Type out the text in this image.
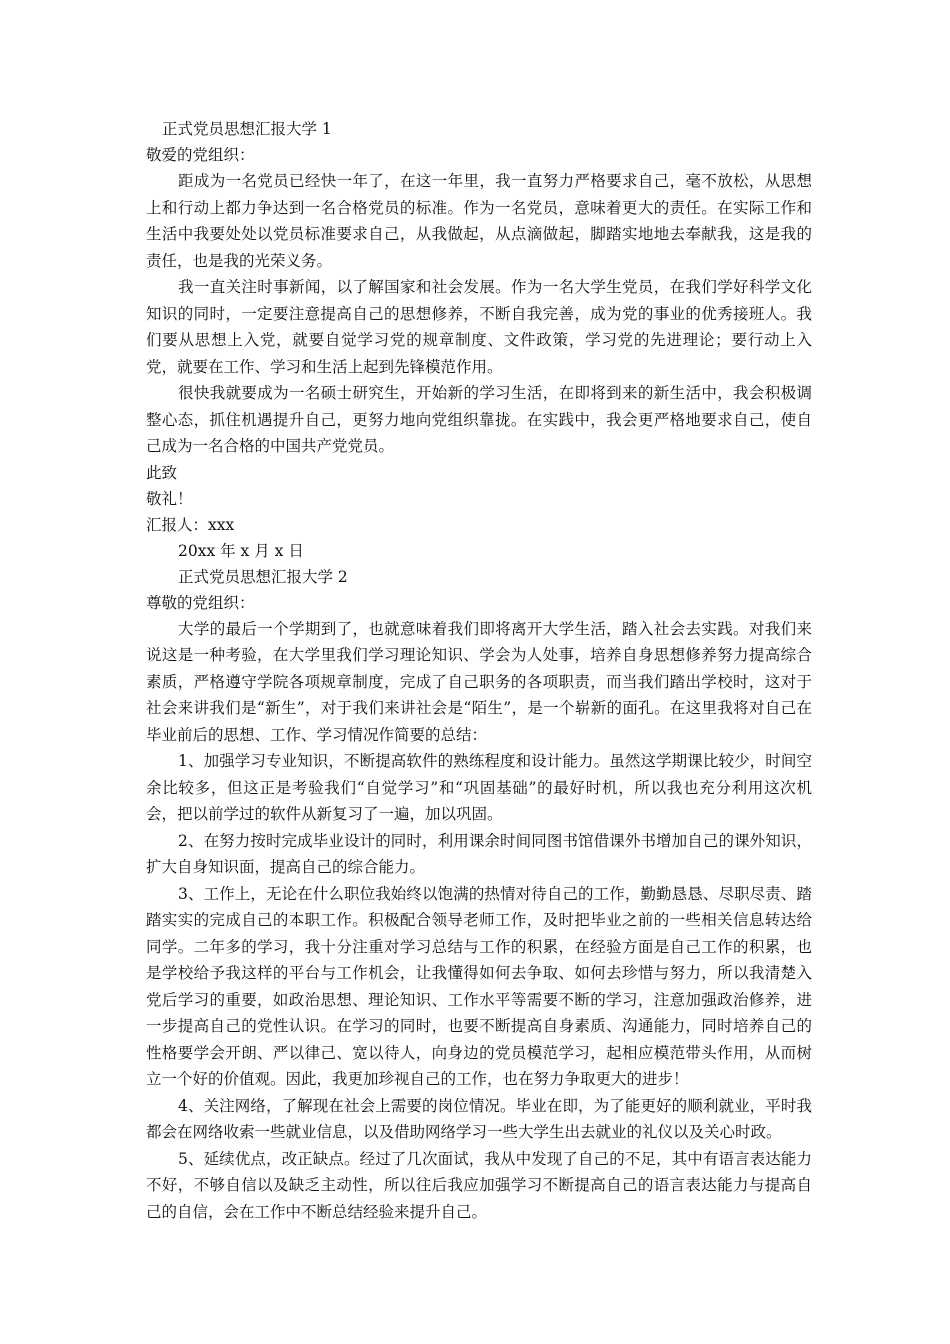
正式党员思想汇报大学 1
敬爱的党组织：

距成为一名党员已经快一年了，在这一年里，我一直努力严格要求自己，毫不放松，从思想上和行动上都力争达到一名合格党员的标准。作为一名党员，意味着更大的责任。在实际工作和生活中我要处处以党员标准要求自己，从我做起，从点滴做起，脚踏实地地去奉献我，这是我的责任，也是我的光荣义务。

我一直关注时事新闻，以了解国家和社会发展。作为一名大学生党员，在我们学好科学文化知识的同时，一定要注意提高自己的思想修养，不断自我完善，成为党的事业的优秀接班人。我们要从思想上入党，就要自觉学习党的规章制度、文件政策，学习党的先进理论；要行动上入党，就要在工作、学习和生活上起到先锋模范作用。

很快我就要成为一名硕士研究生，开始新的学习生活，在即将到来的新生活中，我会积极调整心态，抓住机遇提升自己，更努力地向党组织靠拢。在实践中，我会更严格地要求自己，使自己成为一名合格的中国共产党党员。

此致
敬礼！
汇报人：xxx
20xx 年 x 月 x 日
正式党员思想汇报大学 2
尊敬的党组织：

大学的最后一个学期到了，也就意味着我们即将离开大学生活，踏入社会去实践。对我们来说这是一种考验，在大学里我们学习理论知识、学会为人处事，培养自身思想修养努力提高综合素质，严格遵守学院各项规章制度，完成了自己职务的各项职责，而当我们踏出学校时，这对于社会来讲我们是“新生”，对于我们来讲社会是“陌生”，是一个崭新的面孔。在这里我将对自己在毕业前后的思想、工作、学习情况作简要的总结：

1、加强学习专业知识，不断提高软件的熟练程度和设计能力。虽然这学期课比较少，时间空余比较多，但这正是考验我们“自觉学习”和“巩固基础”的最好时机，所以我也充分利用这次机会，把以前学过的软件从新复习了一遍，加以巩固。

2、在努力按时完成毕业设计的同时，利用课余时间同图书馆借课外书增加自己的课外知识，扩大自身知识面，提高自己的综合能力。

3、工作上，无论在什么职位我始终以饱满的热情对待自己的工作，勤勤恳恳、尽职尽责、踏踏实实的完成自己的本职工作。积极配合领导老师工作，及时把毕业之前的一些相关信息转达给同学。二年多的学习，我十分注重对学习总结与工作的积累，在经验方面是自己工作的积累，也是学校给予我这样的平台与工作机会，让我懂得如何去争取、如何去珍惜与努力，所以我清楚入党后学习的重要，如政治思想、理论知识、工作水平等需要不断的学习，注意加强政治修养，进一步提高自己的党性认识。在学习的同时，也要不断提高自身素质、沟通能力，同时培养自己的性格要学会开朗、严以律己、宽以待人，向身边的党员模范学习，起相应模范带头作用，从而树立一个好的价值观。因此，我更加珍视自己的工作，也在努力争取更大的进步！

4、关注网络，了解现在社会上需要的岗位情况。毕业在即，为了能更好的顺利就业，平时我都会在网络收索一些就业信息，以及借助网络学习一些大学生出去就业的礼仪以及关心时政。

5、延续优点，改正缺点。经过了几次面试，我从中发现了自己的不足，其中有语言表达能力不好，不够自信以及缺乏主动性，所以往后我应加强学习不断提高自己的语言表达能力与提高自己的自信，会在工作中不断总结经验来提升自己。
